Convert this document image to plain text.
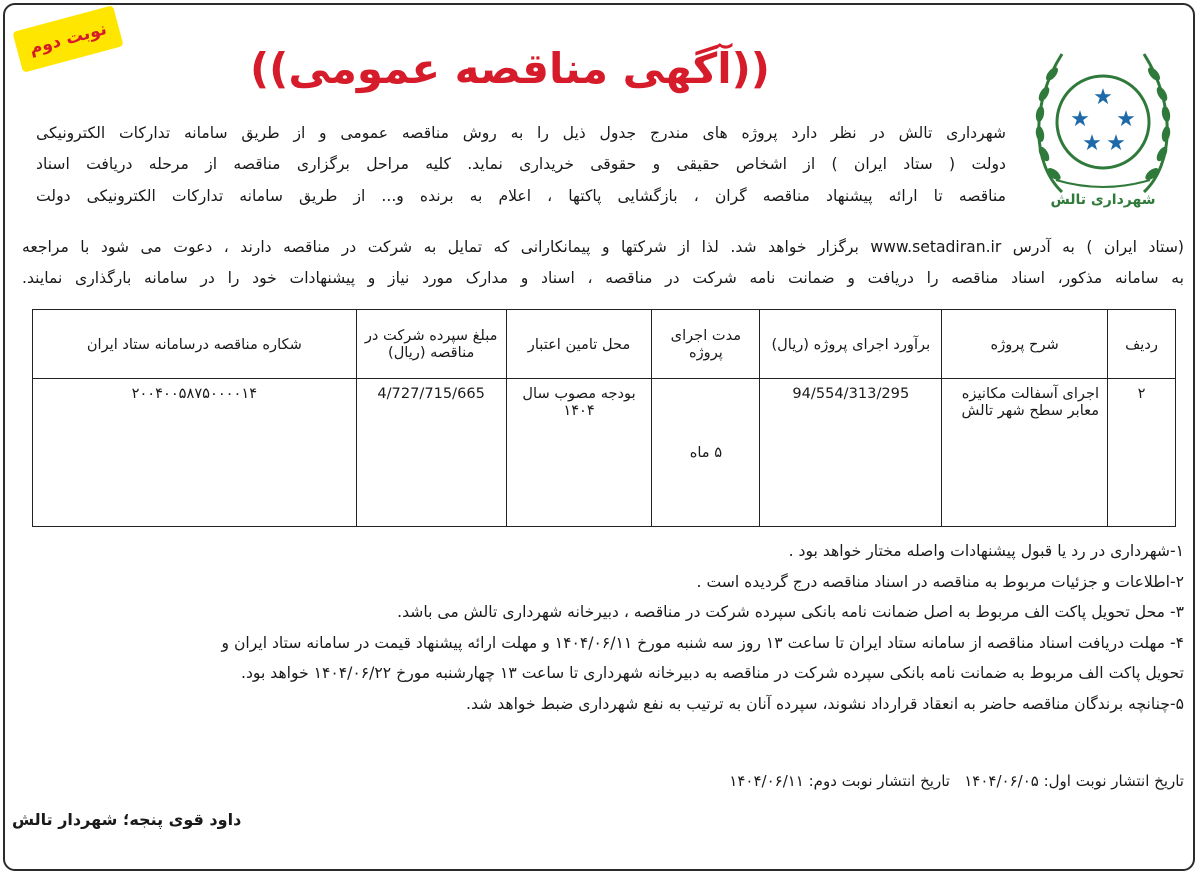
نوبت دوم
((آگهی مناقصه عمومی))
★
★ ★
★ ★
شهرداری تالش
شهرداری تالش در نظر دارد پروژه های مندرج جدول ذیل را به روش مناقصه عمومی و از طریق سامانه تدارکات الکترونیکی
دولت ( ستاد ایران ) از اشخاص حقیقی و حقوقی خریداری نماید. کلیه مراحل برگزاری مناقصه از مرحله دریافت اسناد
مناقصه تا ارائه پیشنهاد مناقصه گران ، بازگشایی پاکتها ، اعلام به برنده و... از طریق سامانه تدارکات الکترونیکی دولت
(ستاد ایران ) به آدرس www.setadiran.ir برگزار خواهد شد. لذا از شرکتها و پیمانکارانی که تمایل به شرکت در مناقصه دارند ، دعوت می شود با مراجعه
به سامانه مذکور، اسناد مناقصه را دریافت و ضمانت نامه شرکت در مناقصه ، اسناد و مدارک مورد نیاز و پیشنهادات خود را در سامانه بارگذاری نمایند.
ردیف	شرح پروژه	برآورد اجرای پروژه (ریال)	مدت اجرای پروژه	محل تامین اعتبار	مبلغ سپرده شرکت در مناقصه (ریال)	شکاره مناقصه درسامانه ستاد ایران
۲	اجرای آسفالت مکانیزه معابر سطح شهر تالش	94/554/313/295	۵ ماه	بودجه مصوب سال ۱۴۰۴	4/727/715/665	۲۰۰۴۰۰۵۸۷۵۰۰۰۰۱۴
۱-شهرداری در رد یا قبول پیشنهادات واصله مختار خواهد بود .
۲-اطلاعات و جزئیات مربوط به مناقصه در اسناد مناقصه درج گردیده است .
۳- محل تحویل پاکت الف مربوط به اصل ضمانت نامه بانکی سپرده شرکت در مناقصه ، دبیرخانه شهرداری تالش می باشد.
۴- مهلت دریافت اسناد مناقصه از سامانه ستاد ایران تا ساعت ۱۳ روز سه شنبه مورخ ۱۴۰۴/۰۶/۱۱ و مهلت ارائه پیشنهاد قیمت در سامانه ستاد ایران و
تحویل پاکت الف مربوط به ضمانت نامه بانکی سپرده شرکت در مناقصه به دبیرخانه شهرداری تا ساعت ۱۳ چهارشنبه مورخ ۱۴۰۴/۰۶/۲۲ خواهد بود.
۵-چنانچه برندگان مناقصه حاضر به انعقاد قرارداد نشوند، سپرده آنان به ترتیب به نفع شهرداری ضبط خواهد شد.
تاریخ انتشار نوبت اول: ۱۴۰۴/۰۶/۰۵   تاریخ انتشار نوبت دوم: ۱۴۰۴/۰۶/۱۱
داود قوی پنجه؛ شهردار تالش
